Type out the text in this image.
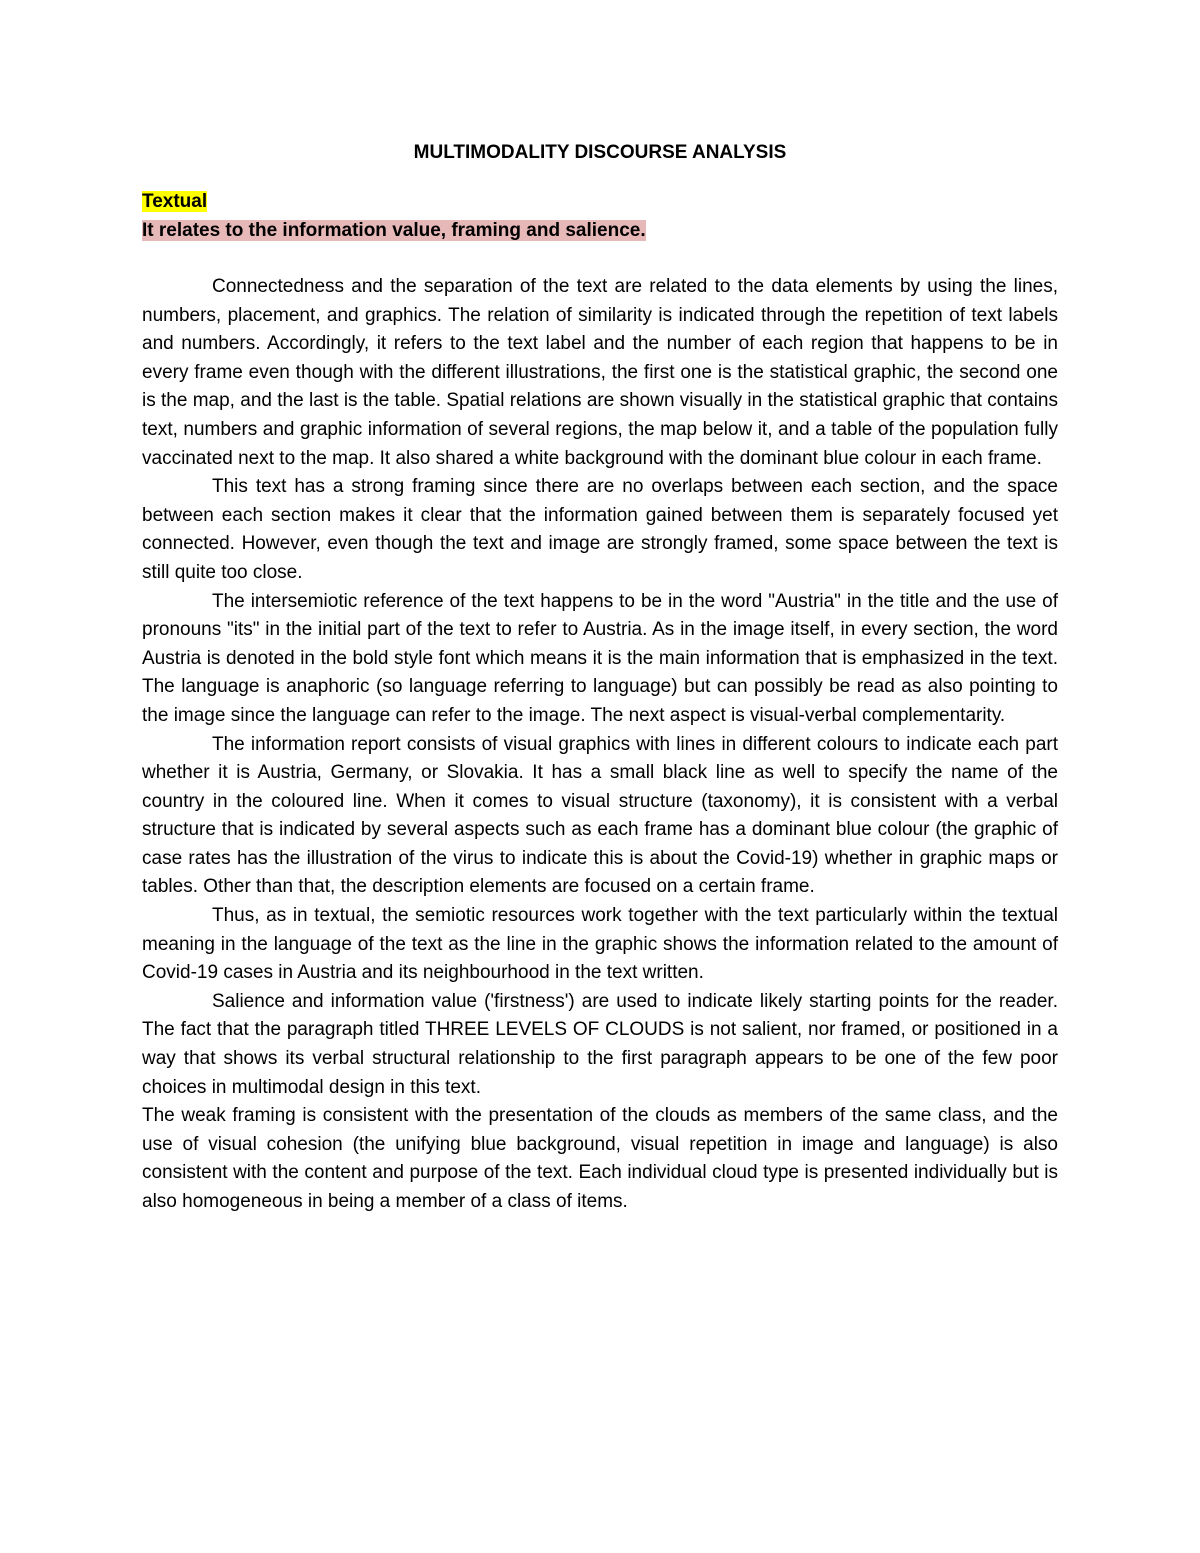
MULTIMODALITY DISCOURSE ANALYSIS

Textual

It relates to the information value, framing and salience.

Connectedness and the separation of the text are related to the data elements by using the lines, numbers, placement, and graphics. The relation of similarity is indicated through the repetition of text labels and numbers. Accordingly, it refers to the text label and the number of each region that happens to be in every frame even though with the different illustrations, the first one is the statistical graphic, the second one is the map, and the last is the table. Spatial relations are shown visually in the statistical graphic that contains text, numbers and graphic information of several regions, the map below it, and a table of the population fully vaccinated next to the map. It also shared a white background with the dominant blue colour in each frame.

This text has a strong framing since there are no overlaps between each section, and the space between each section makes it clear that the information gained between them is separately focused yet connected. However, even though the text and image are strongly framed, some space between the text is still quite too close.

The intersemiotic reference of the text happens to be in the word "Austria" in the title and the use of pronouns "its" in the initial part of the text to refer to Austria. As in the image itself, in every section, the word Austria is denoted in the bold style font which means it is the main information that is emphasized in the text. The language is anaphoric (so language referring to language) but can possibly be read as also pointing to the image since the language can refer to the image. The next aspect is visual-verbal complementarity.

The information report consists of visual graphics with lines in different colours to indicate each part whether it is Austria, Germany, or Slovakia. It has a small black line as well to specify the name of the country in the coloured line. When it comes to visual structure (taxonomy), it is consistent with a verbal structure that is indicated by several aspects such as each frame has a dominant blue colour (the graphic of case rates has the illustration of the virus to indicate this is about the Covid-19) whether in graphic maps or tables. Other than that, the description elements are focused on a certain frame.

Thus, as in textual, the semiotic resources work together with the text particularly within the textual meaning in the language of the text as the line in the graphic shows the information related to the amount of Covid-19 cases in Austria and its neighbourhood in the text written.

Salience and information value ('firstness') are used to indicate likely starting points for the reader. The fact that the paragraph titled THREE LEVELS OF CLOUDS is not salient, nor framed, or positioned in a way that shows its verbal structural relationship to the first paragraph appears to be one of the few poor choices in multimodal design in this text.

The weak framing is consistent with the presentation of the clouds as members of the same class, and the use of visual cohesion (the unifying blue background, visual repetition in image and language) is also consistent with the content and purpose of the text. Each individual cloud type is presented individually but is also homogeneous in being a member of a class of items.
